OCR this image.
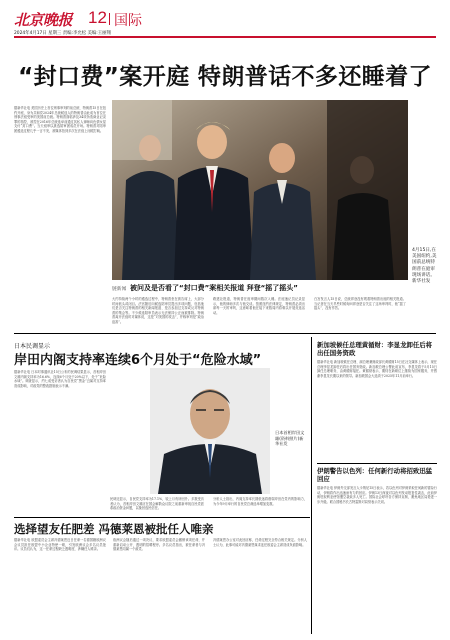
北京晚报 12 国际
2024年4月17日 星期三 责编:李允松 美编:王丽翔
“封口费”案开庭 特朗普话不多还睡着了
据新华社电 美国历史上首位刑事审判的前总统、特朗普15日在纽约开庭，身为共和党2024年总统候选人的特朗普由此成为首位在刑事法庭受审的美国前总统。特朗普面临涉及34项伪造商业记录罪的指控，被控在2016年总统选举前通过其私人律师向色情女星支付“封口费”。当天庭审以挑选陪审团成员开场。特朗普对陪审团遴选过程几乎一言不发，被媒体拍到多次在法庭上闭眼打盹。
4月15日,在美国纽约,美国前总统特朗普在庭审现场讲话。新华社发
链新闻 被问及是否看了“封口费”案相关报道 拜登“摇了摇头”
大约持续两个小时的遴选过程中，特朗普坐在被告席上，大部分时间低头或闭目。法官随后向候选陪审员提出多项问题，包括他们是否关注特朗普的相关新闻报道、是否参加过支持或反对特朗普的集会等。不少候选陪审员表示无法保持公正而被排除。特朗普离开法庭时对媒体说，这是“对美国的攻击”，并称审判是“政治迫害”。
路透社报道，特朗普在庭审期间数次入睡。法庭速记员记录显示，他的律师多次与他交谈。按照纽约法律规定，特朗普必须出席每一天的审判，这意味着他在接下来数周内将难以开展竞选活动。
白宫发言人15日说，总统拜登没有观看特朗普出庭的相关报道。当记者在当天早些时候询问拜登是否关注了这场审判时，他“摇了摇头”，没有作答。
日本民调显示
岸田内阁支持率连续6个月处于“危险水域”
据新华社电 日本时事通讯社15日公布的民调结果显示，首相岸田文雄内阁支持率为16.6%，连续6个月处于20%以下，处于“危险水域”。调查显示，约七成受访者认为自民党“黑金”丑闻对支持率造成影响，对政党的整改措施表示不满。
日本首相岸田文雄(资料照片)新华社发
民调还显示，自民党支持率为17.1%，较上月有所回升。多数受访者认为，首相岸田文雄应在国会解散众议院之前重新审视自民党派系政治资金问题，以挽回选民信任。
分析人士指出，内阁支持率长期低迷将削弱岸田在党内的影响力，为今年9月举行的自民党总裁选举增加变数。
选择望友任肥差 冯德莱恩被批任人唯亲
据新华社电 欧盟委员会主席冯德莱恩近日任命一名德国籍欧洲议会议员担任欧盟中小企业特使一职，引发欧洲议会多名议员批评。议员们认为，这一任命过程缺乏透明度，涉嫌任人唯亲。
欧洲议会随后通过一项决议，要求欧盟委员会撤销该项任命，并重新启动公开、透明的招聘程序。多名议员指出，被任命者与冯德莱恩同属一个政党。
冯德莱恩办公室对此回应称，任命过程完全符合相关规定。分析人士认为，此事可能对冯德莱恩谋求连任欧委会主席造成负面影响。
新加坡候任总理黄循财：李显龙卸任后将出任国务资政
据新华社电 新加坡候任总理、副总理兼财政部长黄循财15日在社交媒体上表示，现任总理李显龙卸任后将出任国务资政。新加坡总理公署此前宣布，李显龙将于5月15日卸任总理职务，由黄循财接任。黄循财表示，期待在新职位上继续为国家服务，并感谢李显龙长期以来的领导。新加坡国会大选须于2025年11月前举行。
伊朗警告以色列：任何新行动将招致迅猛回应
据新华社电 伊朗外交部发言人卡纳尼15日表示，若以色列对伊朗采取任何新的冒险行动，伊朗将作出迅速而有力的回应。伊朗13日深夜对以色列发动报复性袭击，此前伊朗驻叙利亚使馆遭空袭致多人死亡。国际社会呼吁各方保持克制，避免地区局势进一步升级。联合国秘书长古特雷斯对局势表示关切。
